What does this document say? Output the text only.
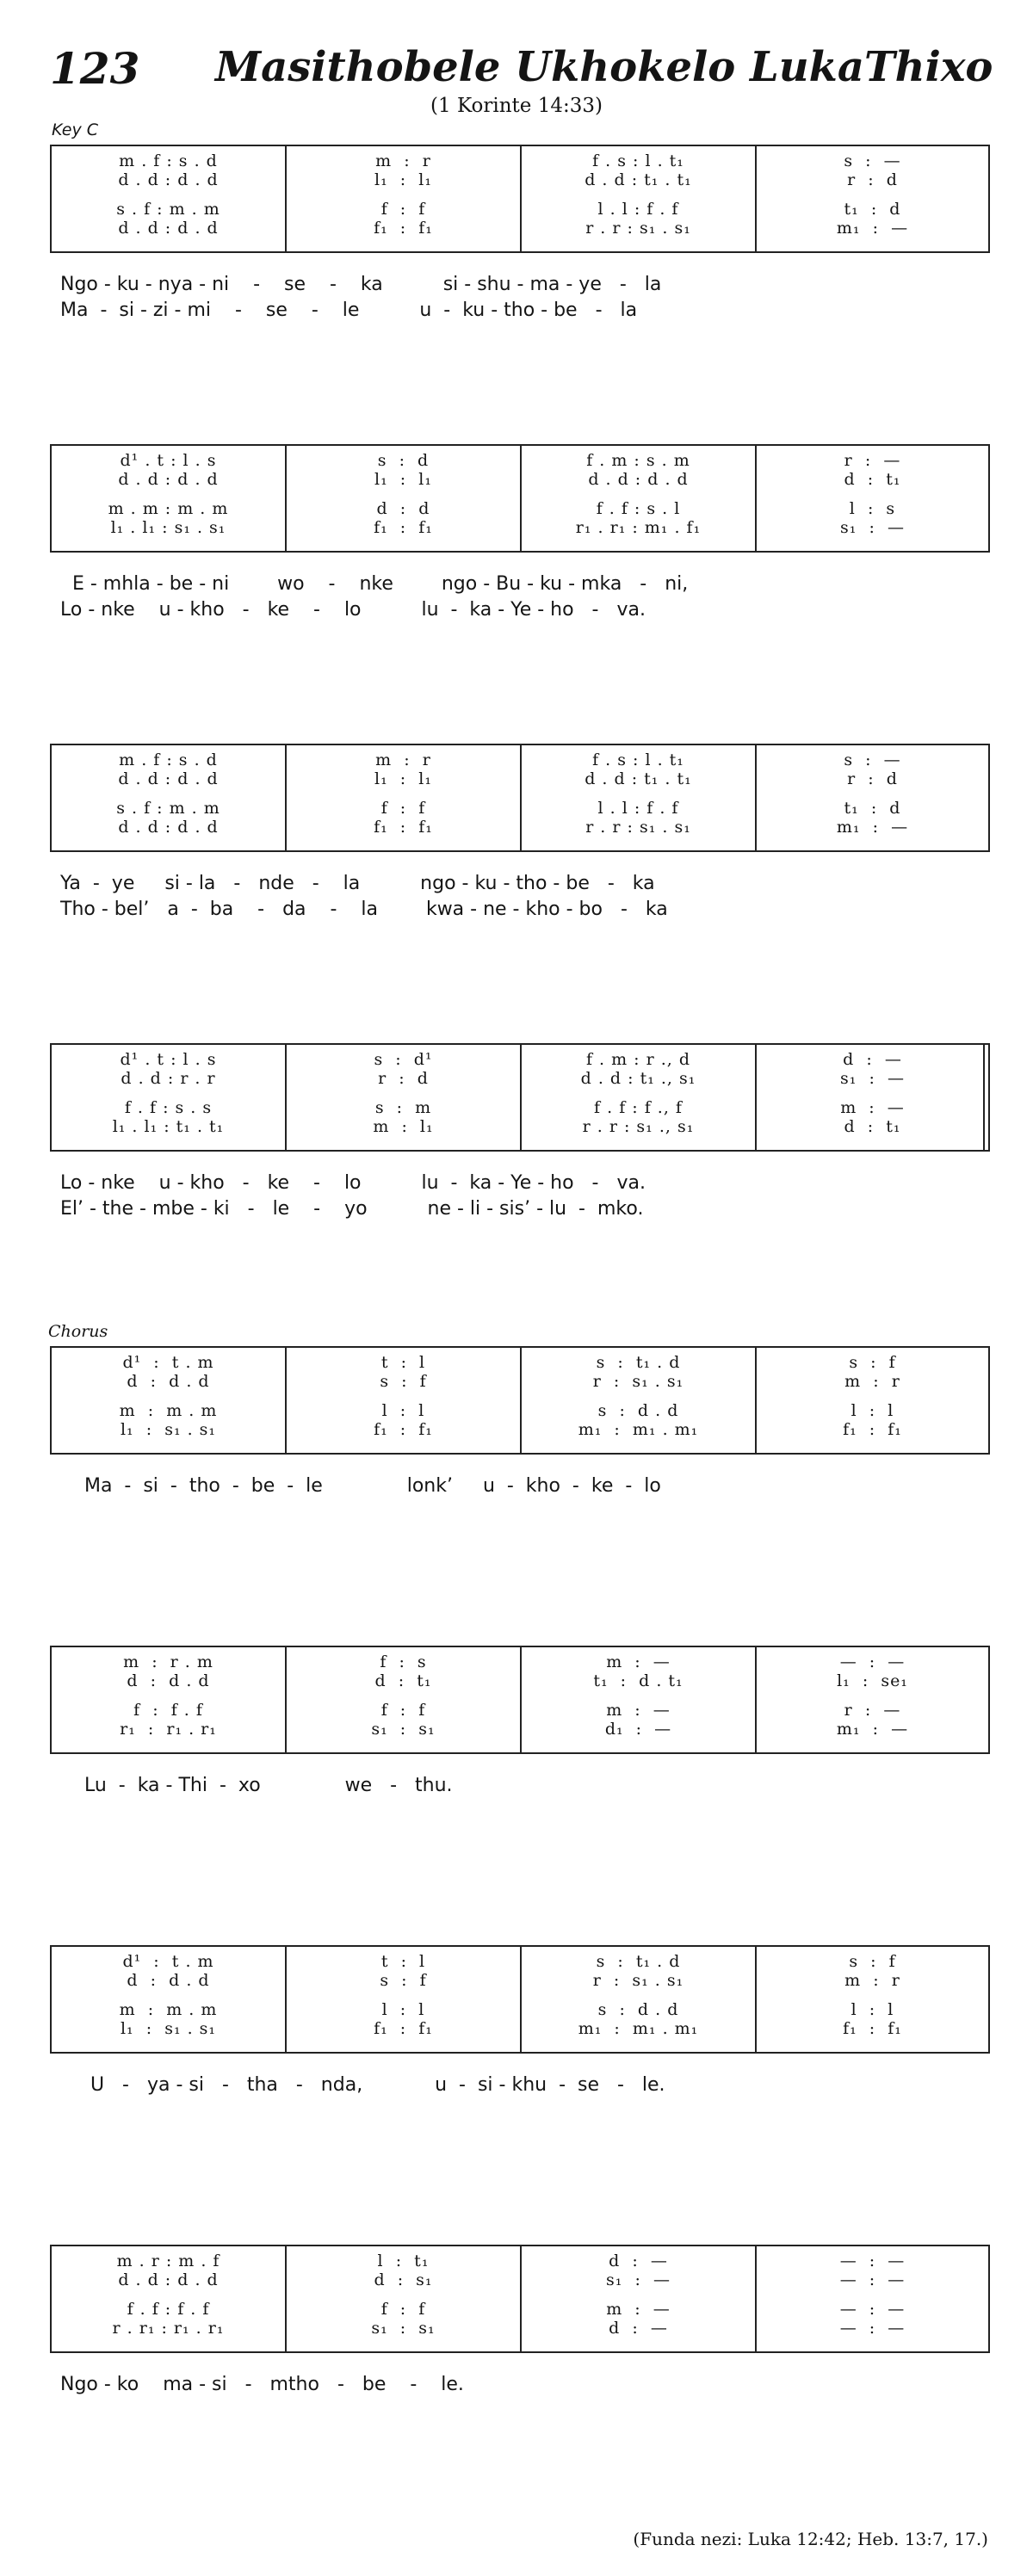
123 Masithobele Ukhokelo LukaThixo
(1 Korinte 14:33)
Key C
Chorus
m . f : s . d
d . d : d . d
s . f : m . m
d . d : d . d
m  :  r
l₁  :  l₁
f  :  f
f₁  :  f₁
f . s : l . t₁
d . d : t₁ . t₁
l . l : f . f
r . r : s₁ . s₁
s  :  —
r  :  d
t₁  :  d
m₁  :  —
Ngo - ku - nya - ni    -    se    -    ka          si - shu - ma - ye   -   la
Ma  -  si - zi - mi    -    se    -    le          u  -  ku - tho - be   -   la
d¹ . t : l . s
d . d : d . d
m . m : m . m
l₁ . l₁ : s₁ . s₁
s  :  d
l₁  :  l₁
d  :  d
f₁  :  f₁
f . m : s . m
d . d : d . d
f . f : s . l
r₁ . r₁ : m₁ . f₁
r  :  —
d  :  t₁
l  :  s
s₁  :  —
E - mhla - be - ni        wo    -    nke        ngo - Bu - ku - mka   -   ni,
Lo - nke    u - kho   -   ke    -    lo          lu  -  ka - Ye - ho   -   va.
m . f : s . d
d . d : d . d
s . f : m . m
d . d : d . d
m  :  r
l₁  :  l₁
f  :  f
f₁  :  f₁
f . s : l . t₁
d . d : t₁ . t₁
l . l : f . f
r . r : s₁ . s₁
s  :  —
r  :  d
t₁  :  d
m₁  :  —
Ya  -  ye     si - la   -   nde   -    la          ngo - ku - tho - be   -   ka
Tho - bel’   a  -  ba    -   da    -    la        kwa - ne - kho - bo   -   ka
d¹ . t : l . s
d . d : r . r
f . f : s . s
l₁ . l₁ : t₁ . t₁
s  :  d¹
r  :  d
s  :  m
m  :  l₁
f . m : r ., d
d . d : t₁ ., s₁
f . f : f ., f
r . r : s₁ ., s₁
d  :  —
s₁  :  —
m  :  —
d  :  t₁
Lo - nke    u - kho   -   ke    -    lo          lu  -  ka - Ye - ho   -   va.
El’ - the - mbe - ki   -   le    -    yo          ne - li - sis’ - lu  -  mko.
d¹  :  t . m
d  :  d . d
m  :  m . m
l₁  :  s₁ . s₁
t  :  l
s  :  f
l  :  l
f₁  :  f₁
s  :  t₁ . d
r  :  s₁ . s₁
s  :  d . d
m₁  :  m₁ . m₁
s  :  f
m  :  r
l  :  l
f₁  :  f₁
Ma  -  si  -  tho  -  be  -  le              lonk’     u  -  kho  -  ke  -  lo
m  :  r . m
d  :  d . d
f  :  f . f
r₁  :  r₁ . r₁
f  :  s
d  :  t₁
f  :  f
s₁  :  s₁
m  :  —
t₁  :  d . t₁
m  :  —
d₁  :  —
—  :  —
l₁  :  se₁
r  :  —
m₁  :  —
Lu  -  ka - Thi  -  xo              we   -   thu.
d¹  :  t . m
d  :  d . d
m  :  m . m
l₁  :  s₁ . s₁
t  :  l
s  :  f
l  :  l
f₁  :  f₁
s  :  t₁ . d
r  :  s₁ . s₁
s  :  d . d
m₁  :  m₁ . m₁
s  :  f
m  :  r
l  :  l
f₁  :  f₁
U   -   ya - si   -   tha   -   nda,            u  -  si - khu  -  se   -   le.
m . r : m . f
d . d : d . d
f . f : f . f
r . r₁ : r₁ . r₁
l  :  t₁
d  :  s₁
f  :  f
s₁  :  s₁
d  :  —
s₁  :  —
m  :  —
d  :  —
—  :  —
—  :  —
—  :  —
—  :  —
Ngo - ko    ma - si   -   mtho   -   be    -    le.
(Funda nezi: Luka 12:42; Heb. 13:7, 17.)
